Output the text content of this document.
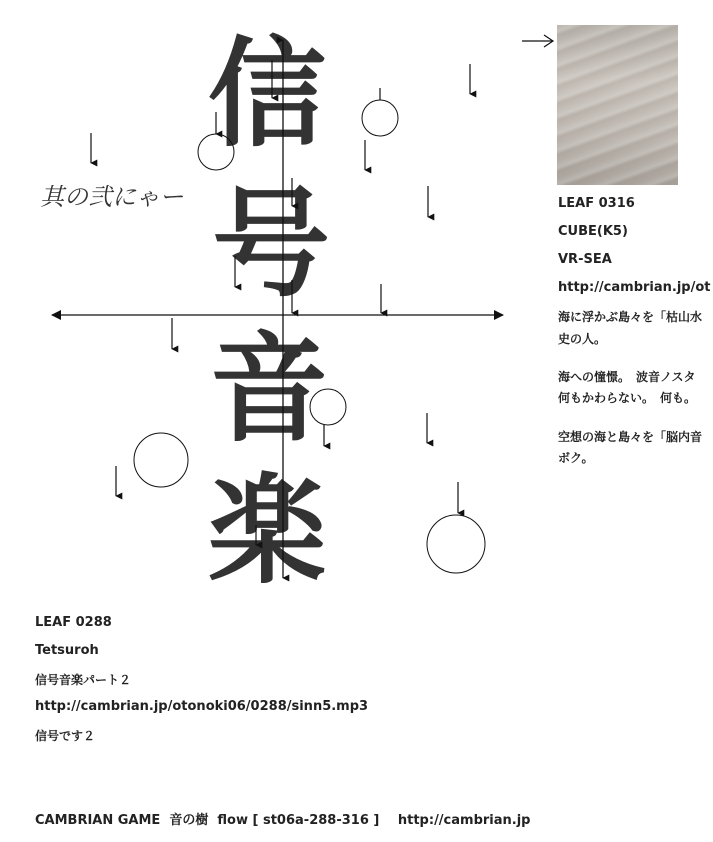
信
号
音
楽
其の弐にゃー	LEAF 0316
CUBE(K5)
VR-SEA
http://cambrian.jp/ot
海に浮かぶ島々を「枯山水
史の人。
海への憧憬。　波音ノスタ
何もかわらない。　何も。
空想の海と島々を「脳内音
ボク。
LEAF 0288
Tetsuroh
信号音楽パート２
http://cambrian.jp/otonoki06/0288/sinn5.mp3
信号です２
CAMBRIAN GAME  音の樹  flow [ st06a-288-316 ] http://cambrian.jp
